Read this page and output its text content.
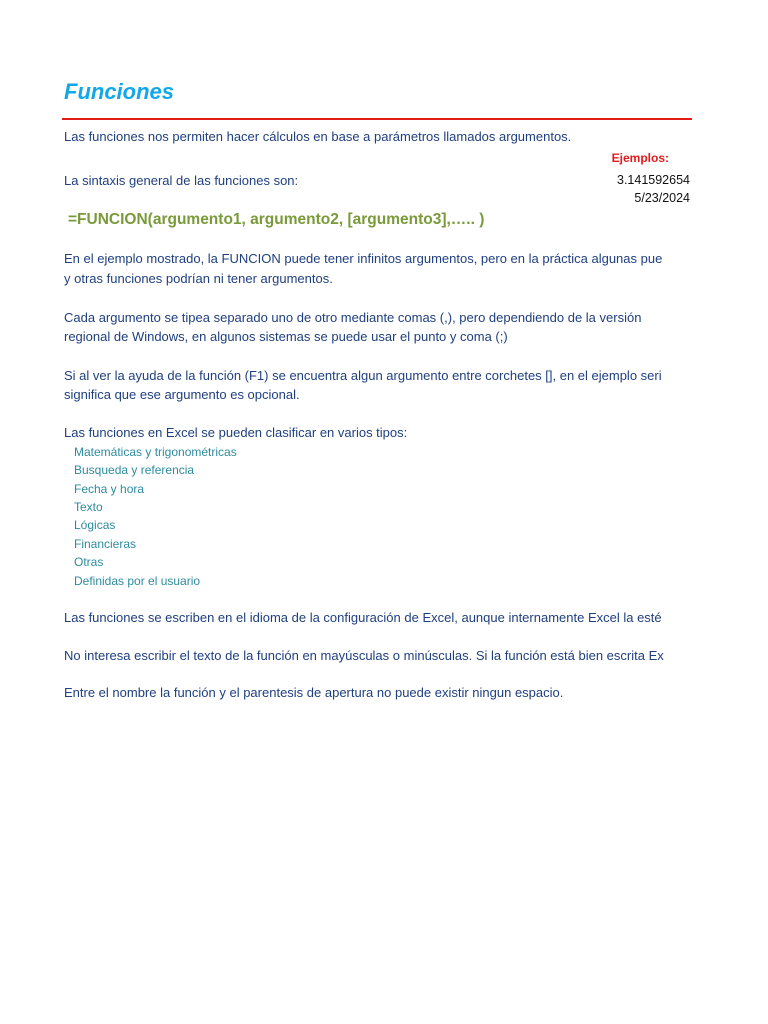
Funciones
Ejemplos:
3.141592654
5/23/2024
Las funciones nos permiten hacer cálculos en base a parámetros llamados argumentos.
La sintaxis general de las funciones son:
=FUNCION(argumento1, argumento2, [argumento3],….. )
En el ejemplo mostrado, la FUNCION puede tener infinitos argumentos, pero en la práctica algunas pue
y otras funciones podrían ni tener argumentos.
Cada argumento se tipea separado uno de otro mediante comas (,), pero dependiendo de la versión
regional de Windows, en algunos sistemas se puede usar el punto y coma (;)
Si al ver la ayuda de la función (F1) se encuentra algun argumento entre corchetes [], en el ejemplo seri
significa que ese argumento es opcional.
Las funciones en Excel se pueden clasificar en varios tipos:
Matemáticas y trigonométricas
Busqueda y referencia
Fecha y hora
Texto
Lógicas
Financieras
Otras
Definidas por el usuario
Las funciones se escriben en el idioma de la configuración de Excel, aunque internamente Excel la esté
No interesa escribir el texto de la función en mayúsculas o minúsculas. Si la función está bien escrita Ex
Entre el nombre la función y el parentesis de apertura no puede existir ningun espacio.
